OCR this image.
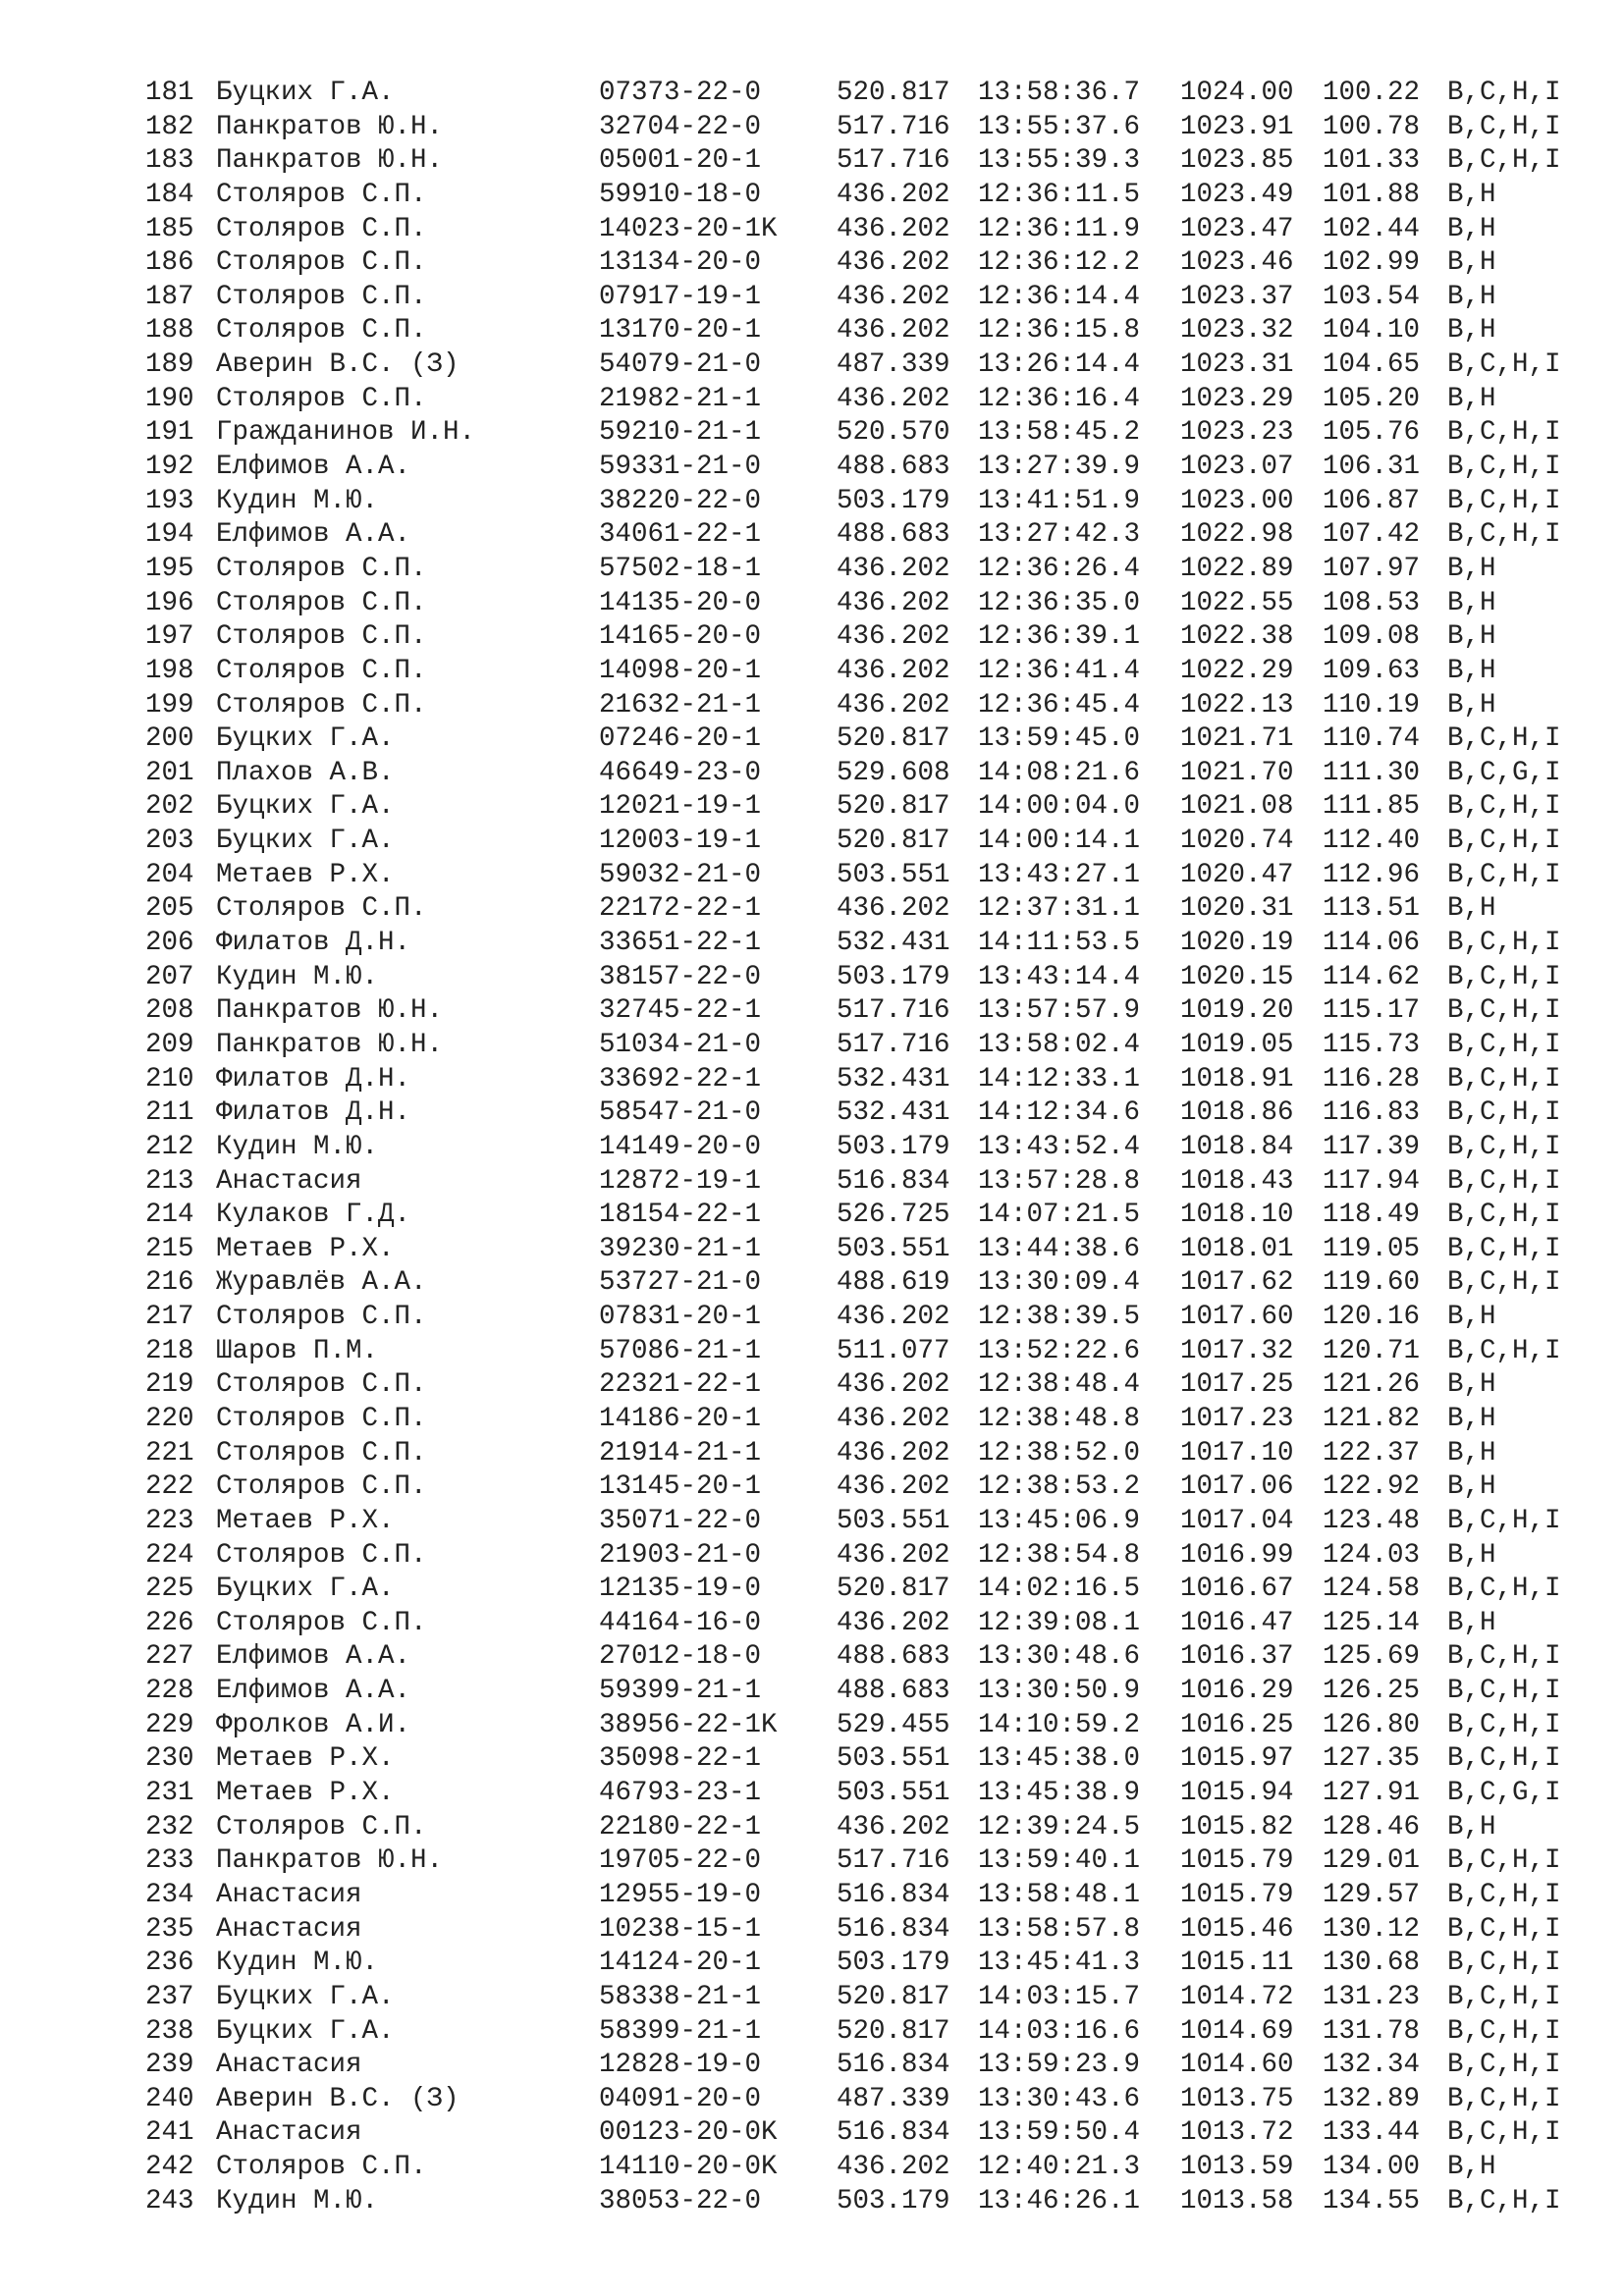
181 Буцких Г.А.	07373-22-0	520.817 13:58:36.7 1024.00 100.22 B,C,H,I
182 Панкратов Ю.Н.	32704-22-0	517.716 13:55:37.6 1023.91 100.78 B,C,H,I
183 Панкратов Ю.Н.	05001-20-1	517.716 13:55:39.3 1023.85 101.33 B,C,H,I
184 Столяров С.П.	59910-18-0	436.202 12:36:11.5 1023.49 101.88 B,H
185 Столяров С.П.	14023-20-1K 436.202 12:36:11.9 1023.47 102.44 B,H
186 Столяров С.П.	13134-20-0	436.202 12:36:12.2 1023.46 102.99 B,H
187 Столяров С.П.	07917-19-1	436.202 12:36:14.4 1023.37 103.54 B,H
188 Столяров С.П.	13170-20-1	436.202 12:36:15.8 1023.32 104.10 B,H
189 Аверин В.С. (З)	54079-21-0	487.339 13:26:14.4 1023.31 104.65 B,C,H,I
190 Столяров С.П.	21982-21-1	436.202 12:36:16.4 1023.29 105.20 B,H
191 Гражданинов И.Н.	59210-21-1	520.570 13:58:45.2 1023.23 105.76 B,C,H,I
192 Елфимов А.А.	59331-21-0	488.683 13:27:39.9 1023.07 106.31 B,C,H,I
193 Кудин М.Ю.	38220-22-0	503.179 13:41:51.9 1023.00 106.87 B,C,H,I
194 Елфимов А.А.	34061-22-1	488.683 13:27:42.3 1022.98 107.42 B,C,H,I
195 Столяров С.П.	57502-18-1	436.202 12:36:26.4 1022.89 107.97 B,H
196 Столяров С.П.	14135-20-0	436.202 12:36:35.0 1022.55 108.53 B,H
197 Столяров С.П.	14165-20-0	436.202 12:36:39.1 1022.38 109.08 B,H
198 Столяров С.П.	14098-20-1	436.202 12:36:41.4 1022.29 109.63 B,H
199 Столяров С.П.	21632-21-1	436.202 12:36:45.4 1022.13 110.19 B,H
200 Буцких Г.А.	07246-20-1	520.817 13:59:45.0 1021.71 110.74 B,C,H,I
201 Плахов А.В.	46649-23-0	529.608 14:08:21.6 1021.70 111.30 B,C,G,I
202 Буцких Г.А.	12021-19-1	520.817 14:00:04.0 1021.08 111.85 B,C,H,I
203 Буцких Г.А.	12003-19-1	520.817 14:00:14.1 1020.74 112.40 B,C,H,I
204 Метаев Р.Х.	59032-21-0	503.551 13:43:27.1 1020.47 112.96 B,C,H,I
205 Столяров С.П.	22172-22-1	436.202 12:37:31.1 1020.31 113.51 B,H
206 Филатов Д.Н.	33651-22-1	532.431 14:11:53.5 1020.19 114.06 B,C,H,I
207 Кудин М.Ю.	38157-22-0	503.179 13:43:14.4 1020.15 114.62 B,C,H,I
208 Панкратов Ю.Н.	32745-22-1	517.716 13:57:57.9 1019.20 115.17 B,C,H,I
209 Панкратов Ю.Н.	51034-21-0	517.716 13:58:02.4 1019.05 115.73 B,C,H,I
210 Филатов Д.Н.	33692-22-1	532.431 14:12:33.1 1018.91 116.28 B,C,H,I
211 Филатов Д.Н.	58547-21-0	532.431 14:12:34.6 1018.86 116.83 B,C,H,I
212 Кудин М.Ю.	14149-20-0	503.179 13:43:52.4 1018.84 117.39 B,C,H,I
213 Анастасия	12872-19-1	516.834 13:57:28.8 1018.43 117.94 B,C,H,I
214 Кулаков Г.Д.	18154-22-1	526.725 14:07:21.5 1018.10 118.49 B,C,H,I
215 Метаев Р.Х.	39230-21-1	503.551 13:44:38.6 1018.01 119.05 B,C,H,I
216 Журавлёв А.А.	53727-21-0	488.619 13:30:09.4 1017.62 119.60 B,C,H,I
217 Столяров С.П.	07831-20-1	436.202 12:38:39.5 1017.60 120.16 B,H
218 Шаров П.М.	57086-21-1	511.077 13:52:22.6 1017.32 120.71 B,C,H,I
219 Столяров С.П.	22321-22-1	436.202 12:38:48.4 1017.25 121.26 B,H
220 Столяров С.П.	14186-20-1	436.202 12:38:48.8 1017.23 121.82 B,H
221 Столяров С.П.	21914-21-1	436.202 12:38:52.0 1017.10 122.37 B,H
222 Столяров С.П.	13145-20-1	436.202 12:38:53.2 1017.06 122.92 B,H
223 Метаев Р.Х.	35071-22-0	503.551 13:45:06.9 1017.04 123.48 B,C,H,I
224 Столяров С.П.	21903-21-0	436.202 12:38:54.8 1016.99 124.03 B,H
225 Буцких Г.А.	12135-19-0	520.817 14:02:16.5 1016.67 124.58 B,C,H,I
226 Столяров С.П.	44164-16-0	436.202 12:39:08.1 1016.47 125.14 B,H
227 Елфимов А.А.	27012-18-0	488.683 13:30:48.6 1016.37 125.69 B,C,H,I
228 Елфимов А.А.	59399-21-1	488.683 13:30:50.9 1016.29 126.25 B,C,H,I
229 Фролков А.И.	38956-22-1K 529.455 14:10:59.2 1016.25 126.80 B,C,H,I
230 Метаев Р.Х.	35098-22-1	503.551 13:45:38.0 1015.97 127.35 B,C,H,I
231 Метаев Р.Х.	46793-23-1	503.551 13:45:38.9 1015.94 127.91 B,C,G,I
232 Столяров С.П.	22180-22-1	436.202 12:39:24.5 1015.82 128.46 B,H
233 Панкратов Ю.Н.	19705-22-0	517.716 13:59:40.1 1015.79 129.01 B,C,H,I
234 Анастасия	12955-19-0	516.834 13:58:48.1 1015.79 129.57 B,C,H,I
235 Анастасия	10238-15-1	516.834 13:58:57.8 1015.46 130.12 B,C,H,I
236 Кудин М.Ю.	14124-20-1	503.179 13:45:41.3 1015.11 130.68 B,C,H,I
237 Буцких Г.А.	58338-21-1	520.817 14:03:15.7 1014.72 131.23 B,C,H,I
238 Буцких Г.А.	58399-21-1	520.817 14:03:16.6 1014.69 131.78 B,C,H,I
239 Анастасия	12828-19-0	516.834 13:59:23.9 1014.60 132.34 B,C,H,I
240 Аверин В.С. (З)	04091-20-0	487.339 13:30:43.6 1013.75 132.89 B,C,H,I
241 Анастасия	00123-20-0K 516.834 13:59:50.4 1013.72 133.44 B,C,H,I
242 Столяров С.П.	14110-20-0K 436.202 12:40:21.3 1013.59 134.00 B,H
243 Кудин М.Ю.	38053-22-0	503.179 13:46:26.1 1013.58 134.55 B,C,H,I
